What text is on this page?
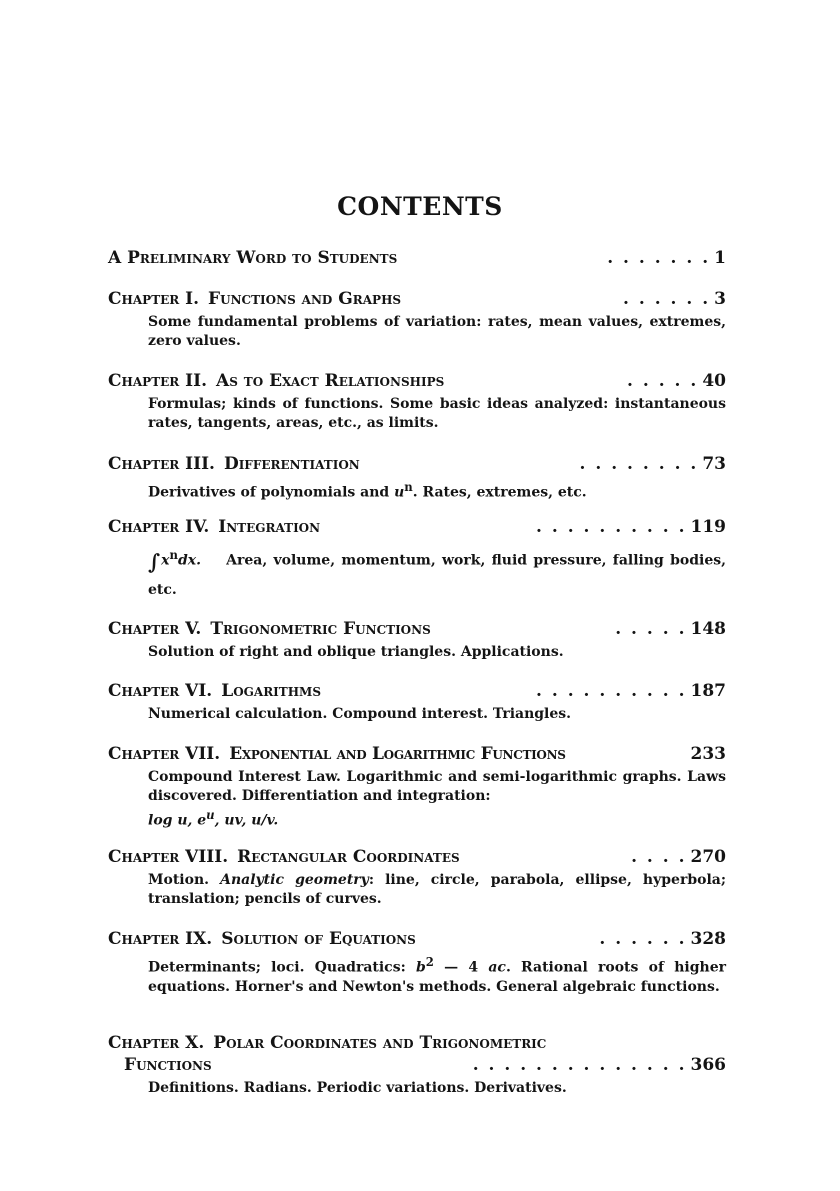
CONTENTS
A Preliminary Word to Students	. . . . . . . 1
Chapter I. Functions and Graphs	. . . . . . 3
Some fundamental problems of variation: rates, mean values, extremes, zero values.
Chapter II. As to Exact Relationships	. . . . . 40
Formulas; kinds of functions. Some basic ideas analyzed: instantaneous rates, tangents, areas, etc., as limits.
Chapter III. Differentiation	. . . . . . . . 73
Derivatives of polynomials and $u^n$. Rates, extremes, etc.
Chapter IV. Integration	. . . . . . . . . . 119
$\int x^ndx$. Area, volume, momentum, work, fluid pressure, falling bodies, etc.
Chapter V. Trigonometric Functions	. . . . . 148
Solution of right and oblique triangles. Applications.
Chapter VI. Logarithms	. . . . . . . . . . 187
Numerical calculation. Compound interest. Triangles.
Chapter VII. Exponential and Logarithmic Functions	233
Compound Interest Law. Logarithmic and semi-logarithmic graphs. Laws discovered. Differentiation and integration:
log u, $e^u$, uv, u/v.
Chapter VIII. Rectangular Coordinates	. . . . 270
Motion. Analytic geometry: line, circle, parabola, ellipse, hyperbola; translation; pencils of curves.
Chapter IX. Solution of Equations	. . . . . . 328
Determinants; loci. Quadratics: $b^2$ — 4 ac. Rational roots of higher equations. Horner's and Newton's methods. General algebraic functions.
Chapter X. Polar Coordinates and Trigonometric
Functions	. . . . . . . . . . . . . . 366
Definitions. Radians. Periodic variations. Derivatives.
